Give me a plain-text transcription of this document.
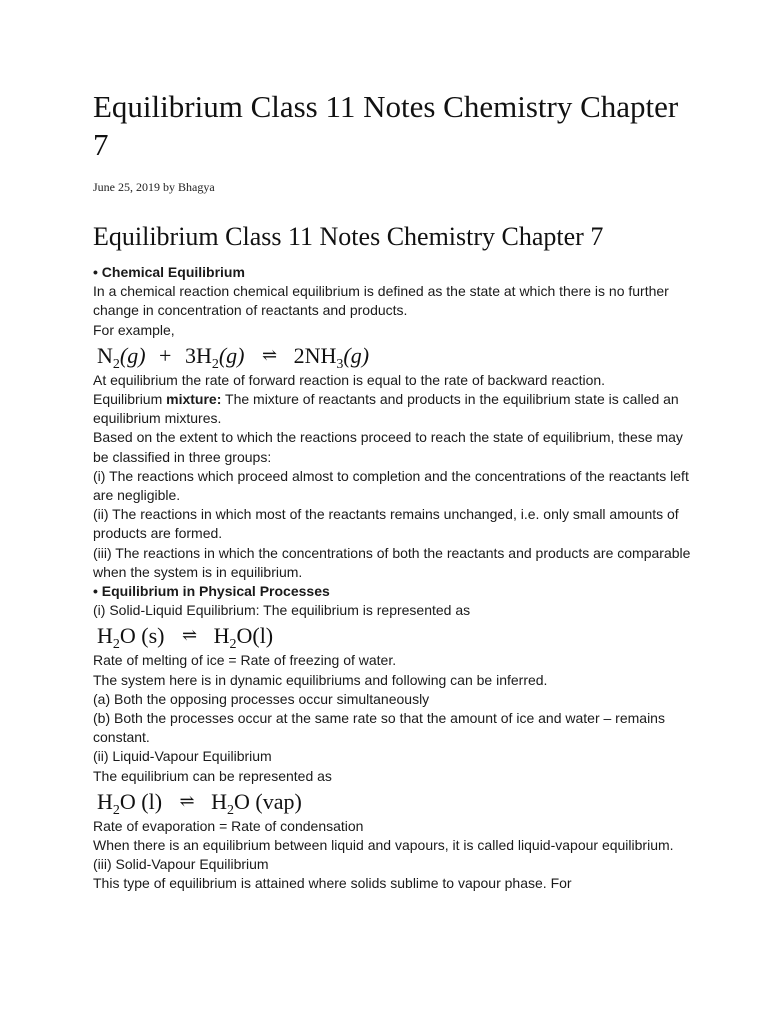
Equilibrium Class 11 Notes Chemistry Chapter 7
June 25, 2019 by Bhagya
Equilibrium Class 11 Notes Chemistry Chapter 7

• Chemical Equilibrium

In a chemical reaction chemical equilibrium is defined as the state at which there is no further change in concentration of reactants and products.

For example,

$N_2(g) + 3H_2(g)$ ⇌ $2NH_3(g)$

At equilibrium the rate of forward reaction is equal to the rate of backward reaction.

Equilibrium mixture: The mixture of reactants and products in the equilibrium state is called an equilibrium mixtures.

Based on the extent to which the reactions proceed to reach the state of equilibrium, these may be classified in three groups:

(i) The reactions which proceed almost to completion and the concentrations of the reactants left are negligible.

(ii) The reactions in which most of the reactants remains unchanged, i.e. only small amounts of products are formed.

(iii) The reactions in which the concentrations of both the reactants and products are comparable when the system is in equilibrium.

• Equilibrium in Physical Processes

(i) Solid-Liquid Equilibrium: The equilibrium is represented as

$H_2O$ (s) ⇌ $H_2O(l)$

Rate of melting of ice = Rate of freezing of water.

The system here is in dynamic equilibriums and following can be inferred.

(a) Both the opposing processes occur simultaneously

(b) Both the processes occur at the same rate so that the amount of ice and water – remains constant.

(ii) Liquid-Vapour Equilibrium

The equilibrium can be represented as

$H_2O$ (l) ⇌ $H_2O$ (vap)

Rate of evaporation = Rate of condensation

When there is an equilibrium between liquid and vapours, it is called liquid-vapour equilibrium.

(iii) Solid-Vapour Equilibrium

This type of equilibrium is attained where solids sublime to vapour phase. For
